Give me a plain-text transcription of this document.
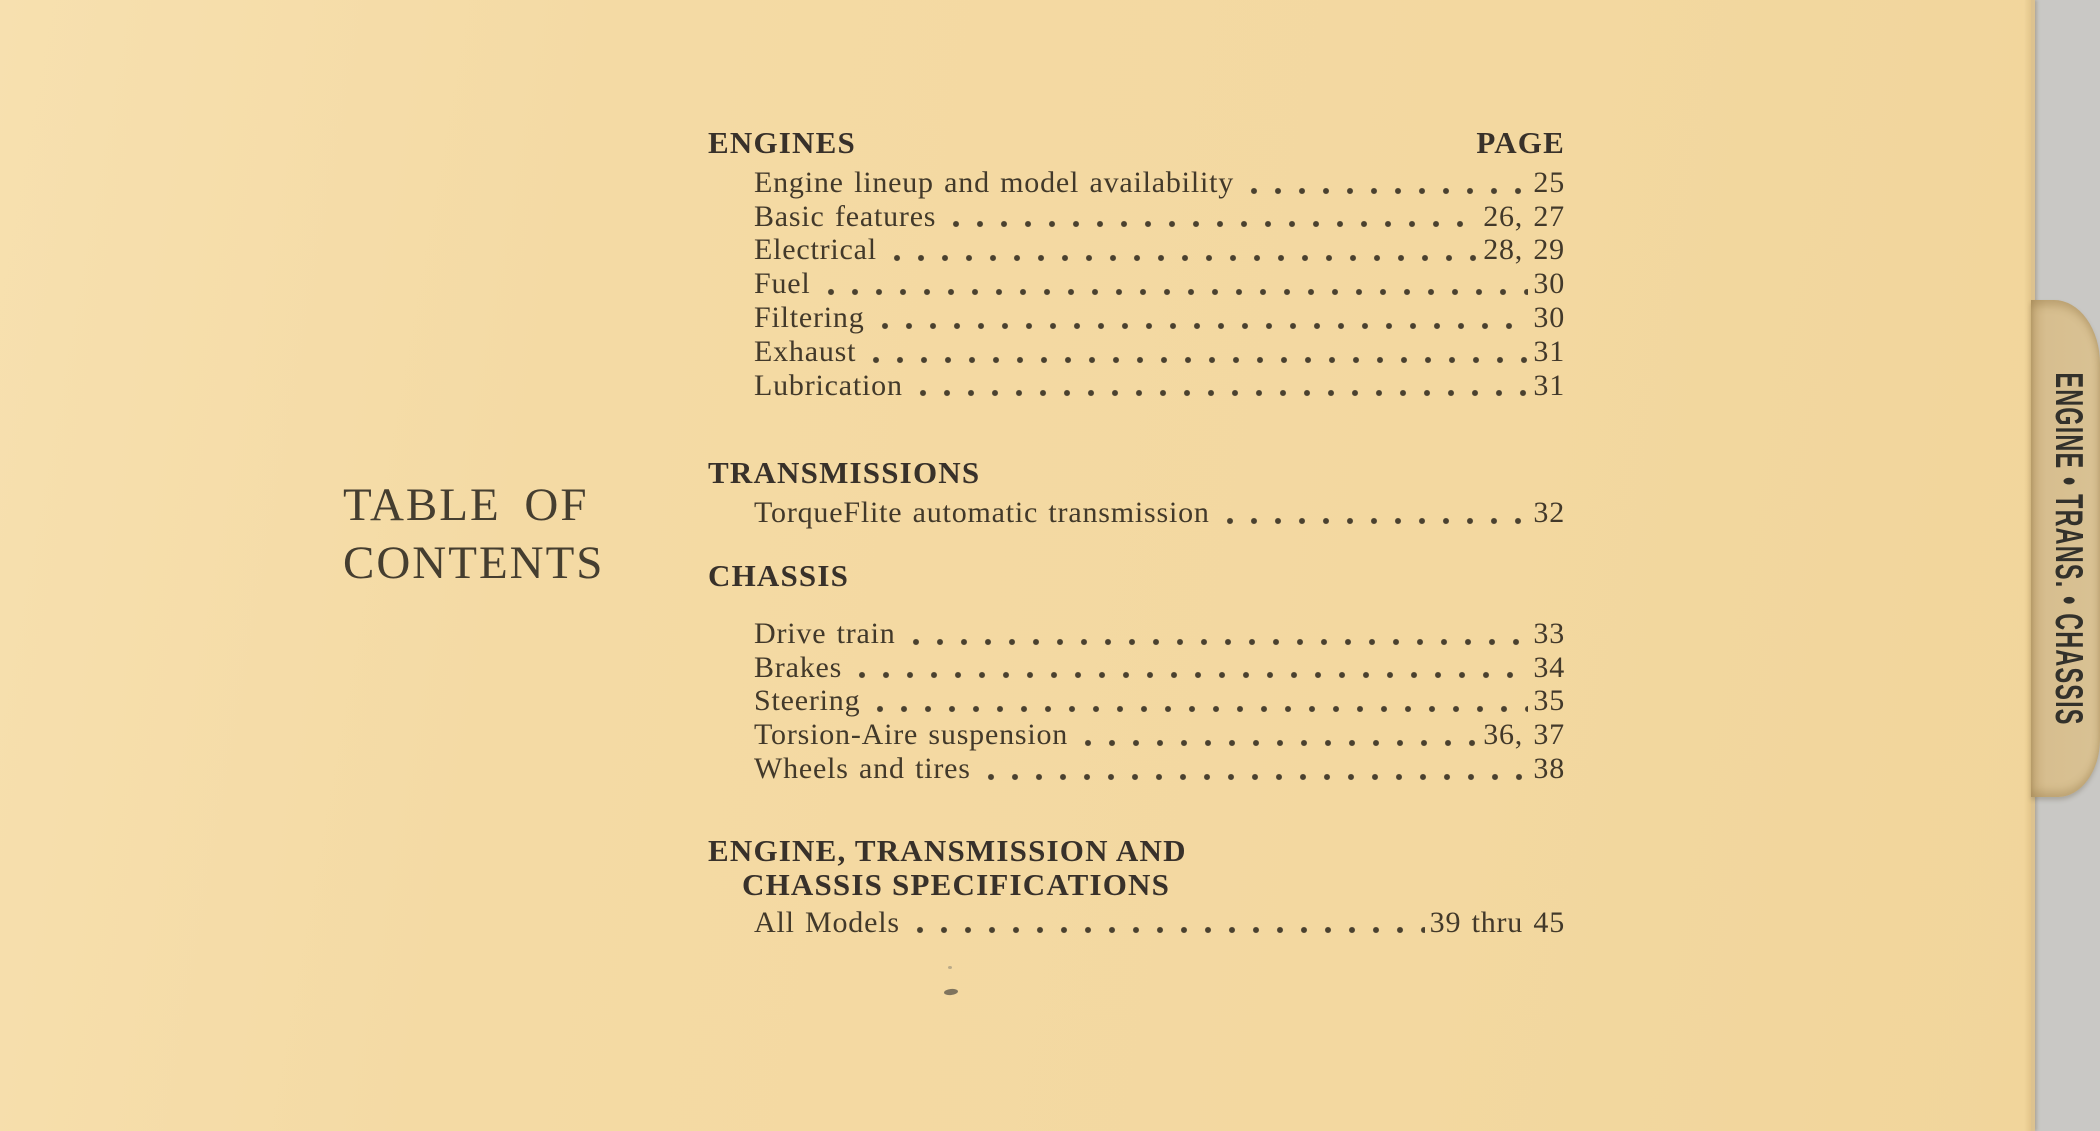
TABLE OF
CONTENTS
ENGINES	PAGE
Engine lineup and model availability	25
Basic features	26, 27
Electrical	28, 29
Fuel	30
Filtering	30
Exhaust	31
Lubrication	31
TRANSMISSIONS
TorqueFlite automatic transmission	32
CHASSIS
Drive train	33
Brakes	34
Steering	35
Torsion-Aire suspension	36, 37
Wheels and tires	38
ENGINE, TRANSMISSION AND
CHASSIS SPECIFICATIONS
All Models	39 thru 45
ENGINE • TRANS. • CHASSIS
